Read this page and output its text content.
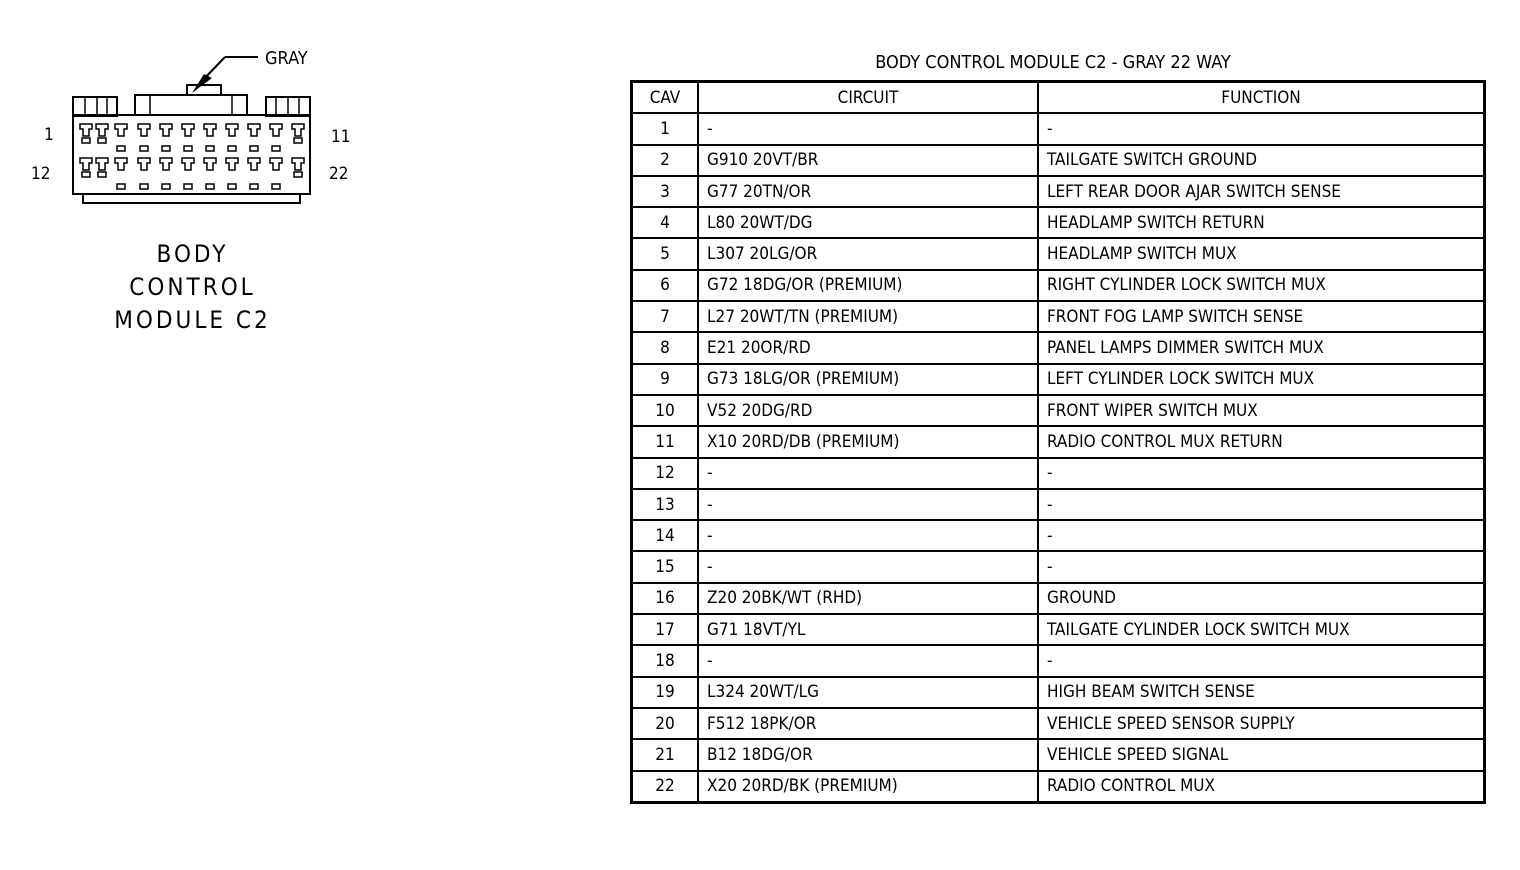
GRAY
1	11
12	22
BODY
CONTROL
MODULE C2
BODY CONTROL MODULE C2 - GRAY 22 WAY
CAV	CIRCUIT	FUNCTION
1	-	-
2	G910 20VT/BR	TAILGATE SWITCH GROUND
3	G77 20TN/OR	LEFT REAR DOOR AJAR SWITCH SENSE
4	L80 20WT/DG	HEADLAMP SWITCH RETURN
5	L307 20LG/OR	HEADLAMP SWITCH MUX
6	G72 18DG/OR (PREMIUM)	RIGHT CYLINDER LOCK SWITCH MUX
7	L27 20WT/TN (PREMIUM)	FRONT FOG LAMP SWITCH SENSE
8	E21 20OR/RD	PANEL LAMPS DIMMER SWITCH MUX
9	G73 18LG/OR (PREMIUM)	LEFT CYLINDER LOCK SWITCH MUX
10	V52 20DG/RD	FRONT WIPER SWITCH MUX
11	X10 20RD/DB (PREMIUM)	RADIO CONTROL MUX RETURN
12	-	-
13	-	-
14	-	-
15	-	-
16	Z20 20BK/WT (RHD)	GROUND
17	G71 18VT/YL	TAILGATE CYLINDER LOCK SWITCH MUX
18	-	-
19	L324 20WT/LG	HIGH BEAM SWITCH SENSE
20	F512 18PK/OR	VEHICLE SPEED SENSOR SUPPLY
21	B12 18DG/OR	VEHICLE SPEED SIGNAL
22	X20 20RD/BK (PREMIUM)	RADIO CONTROL MUX
